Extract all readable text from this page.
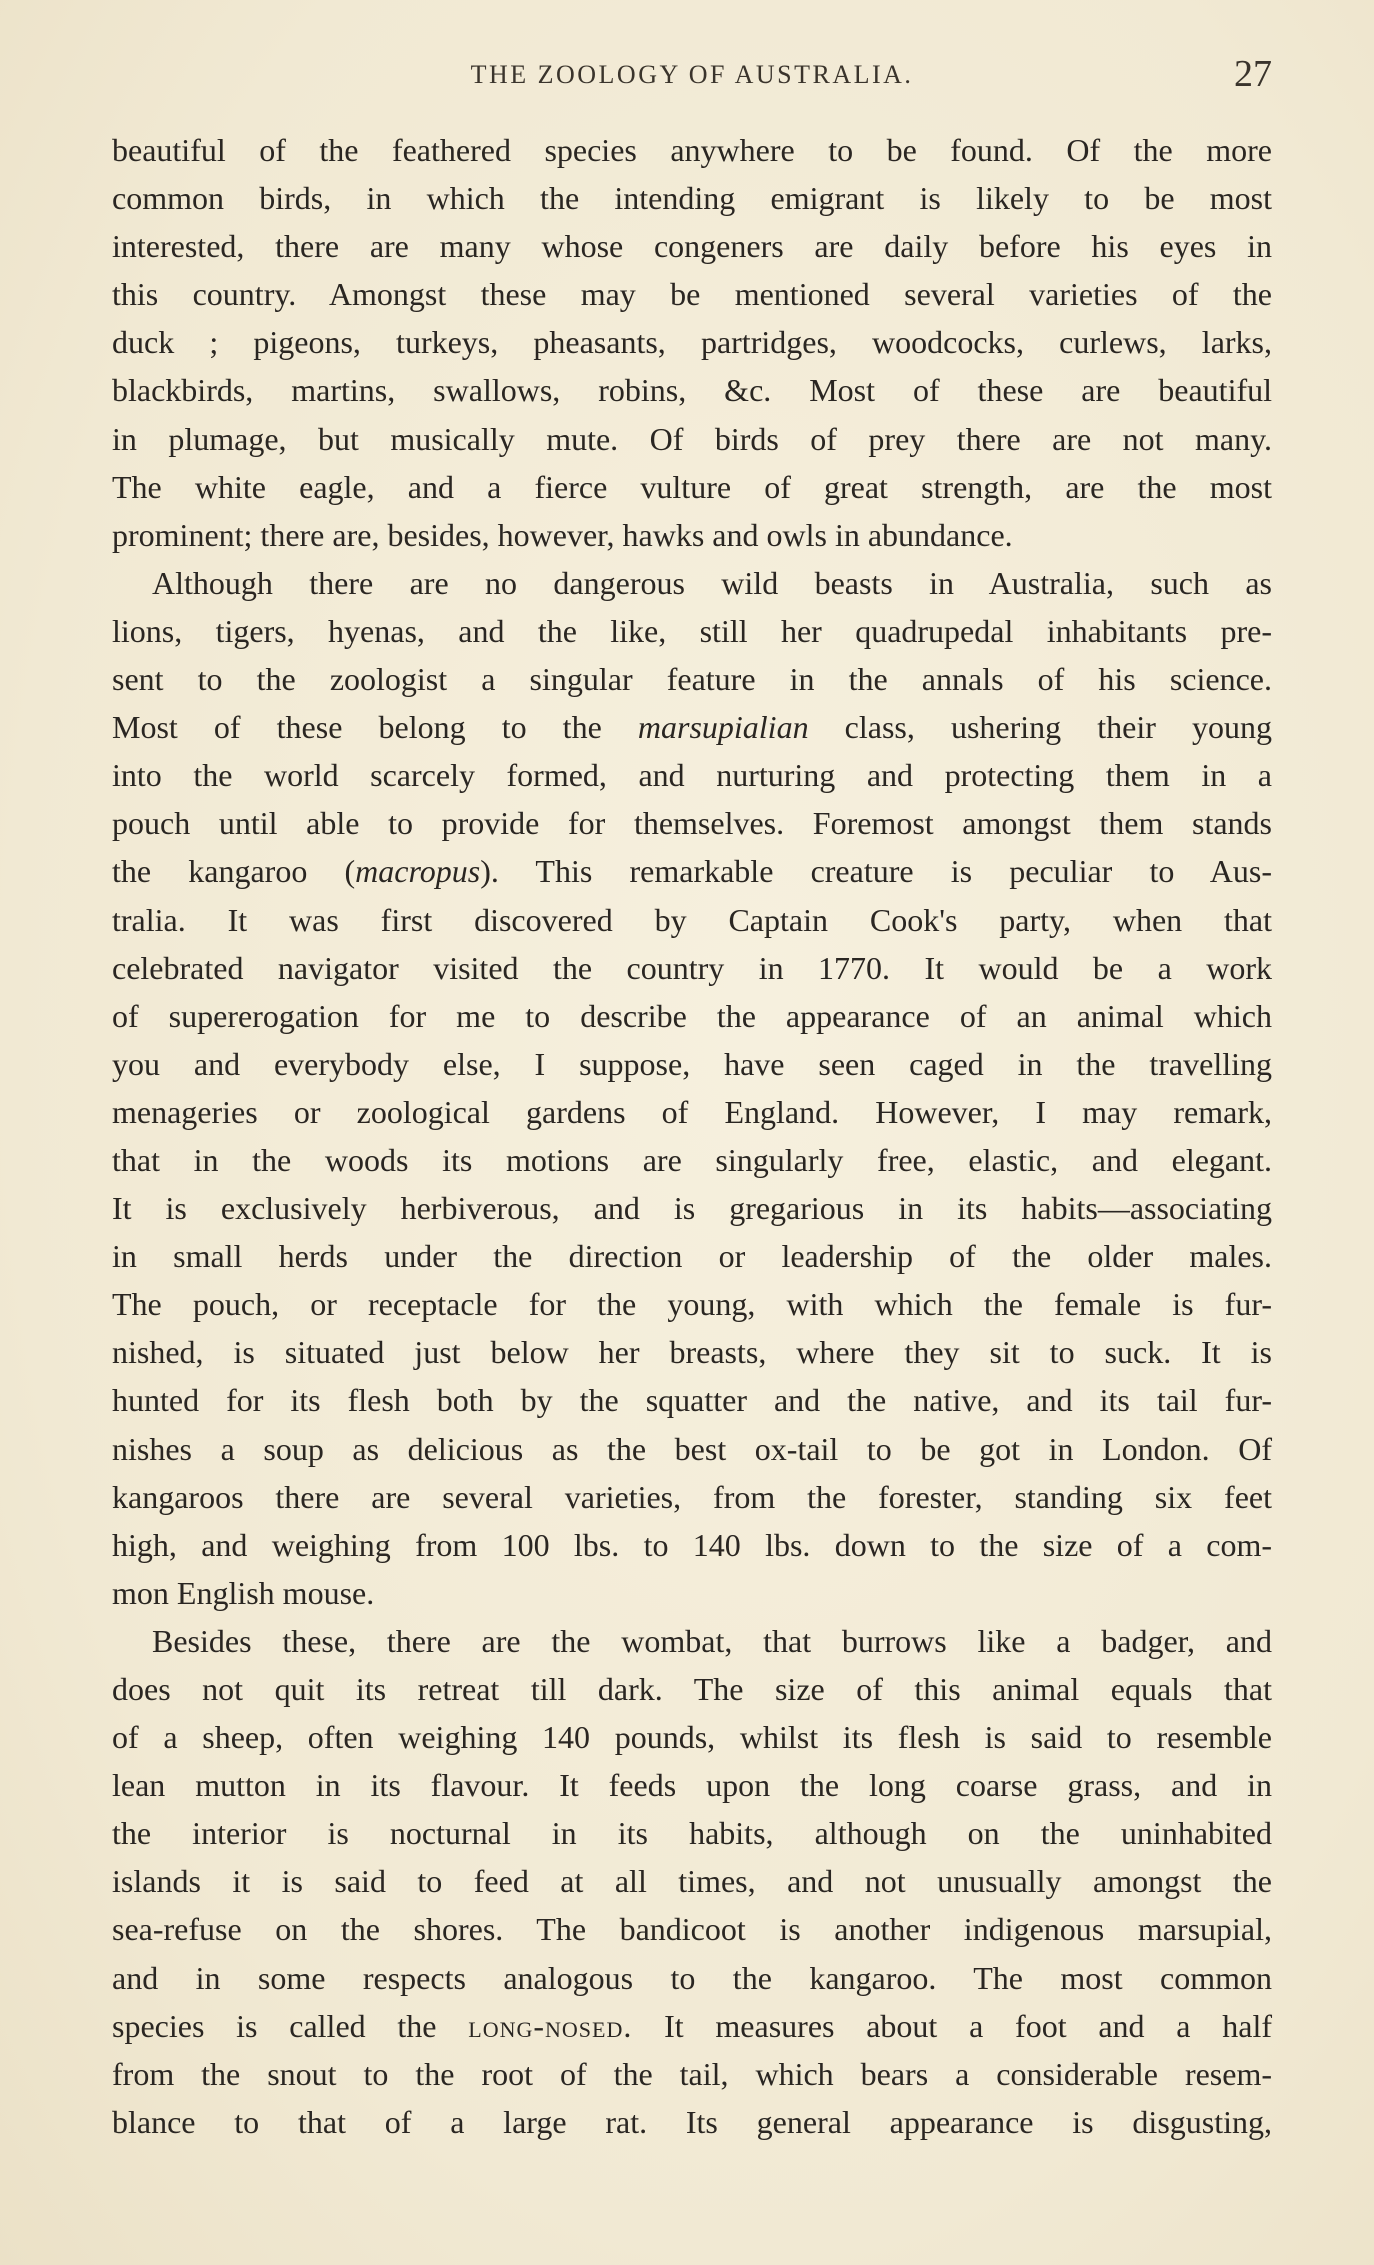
THE ZOOLOGY OF AUSTRALIA.	27
beautiful of the feathered species anywhere to be found. Of the more
common birds, in which the intending emigrant is likely to be most
interested, there are many whose congeners are daily before his eyes in
this country. Amongst these may be mentioned several varieties of the
duck ; pigeons, turkeys, pheasants, partridges, woodcocks, curlews, larks,
blackbirds, martins, swallows, robins, &c. Most of these are beautiful
in plumage, but musically mute. Of birds of prey there are not many.
The white eagle, and a fierce vulture of great strength, are the most
prominent; there are, besides, however, hawks and owls in abundance.
Although there are no dangerous wild beasts in Australia, such as
lions, tigers, hyenas, and the like, still her quadrupedal inhabitants pre-
sent to the zoologist a singular feature in the annals of his science.
Most of these belong to the marsupialian class, ushering their young
into the world scarcely formed, and nurturing and protecting them in a
pouch until able to provide for themselves. Foremost amongst them stands
the kangaroo (macropus). This remarkable creature is peculiar to Aus-
tralia. It was first discovered by Captain Cook's party, when that
celebrated navigator visited the country in 1770. It would be a work
of supererogation for me to describe the appearance of an animal which
you and everybody else, I suppose, have seen caged in the travelling
menageries or zoological gardens of England. However, I may remark,
that in the woods its motions are singularly free, elastic, and elegant.
It is exclusively herbiverous, and is gregarious in its habits—associating
in small herds under the direction or leadership of the older males.
The pouch, or receptacle for the young, with which the female is fur-
nished, is situated just below her breasts, where they sit to suck. It is
hunted for its flesh both by the squatter and the native, and its tail fur-
nishes a soup as delicious as the best ox-tail to be got in London. Of
kangaroos there are several varieties, from the forester, standing six feet
high, and weighing from 100 lbs. to 140 lbs. down to the size of a com-
mon English mouse.
Besides these, there are the wombat, that burrows like a badger, and
does not quit its retreat till dark. The size of this animal equals that
of a sheep, often weighing 140 pounds, whilst its flesh is said to resemble
lean mutton in its flavour. It feeds upon the long coarse grass, and in
the interior is nocturnal in its habits, although on the uninhabited
islands it is said to feed at all times, and not unusually amongst the
sea-refuse on the shores. The bandicoot is another indigenous marsupial,
and in some respects analogous to the kangaroo. The most common
species is called the long-nosed. It measures about a foot and a half
from the snout to the root of the tail, which bears a considerable resem-
blance to that of a large rat. Its general appearance is disgusting,
